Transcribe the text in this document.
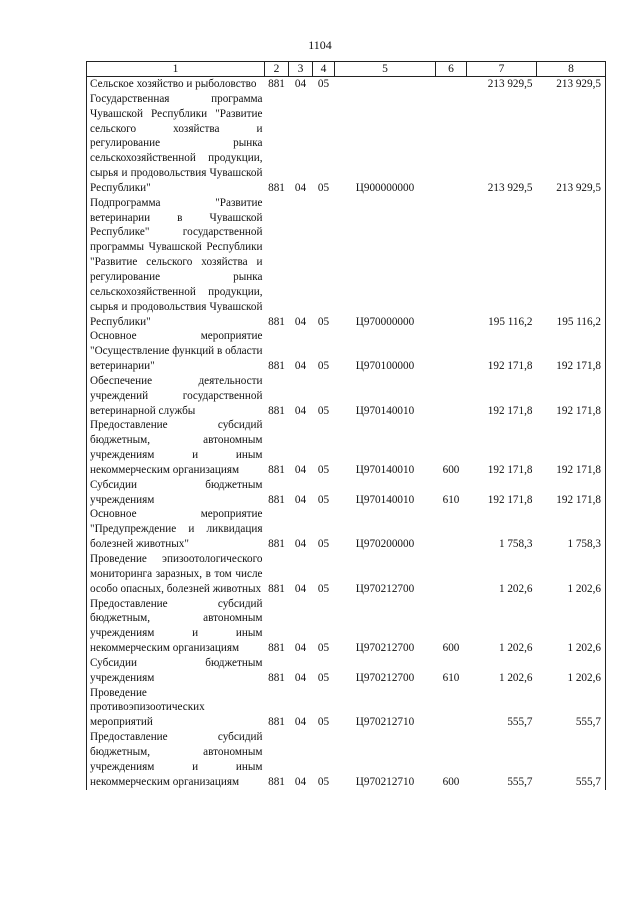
1104
1	2	3	4	5	6	7	8
Сельское хозяйство и рыболовство	881	04	05			213 929,5	213 929,5
Государственная программа Чувашской Республики "Развитие сельского хозяйства и регулирование рынка сельскохозяйственной продукции, сырья и продовольствия Чувашской Республики"	881	04	05	Ц900000000		213 929,5	213 929,5
Подпрограмма "Развитие ветеринарии в Чувашской Республике" государственной программы Чувашской Республики "Развитие сельского хозяйства и регулирование рынка сельскохозяйственной продукции, сырья и продовольствия Чувашской Республики"	881	04	05	Ц970000000		195 116,2	195 116,2
Основное мероприятие "Осуществление функций в области ветеринарии"	881	04	05	Ц970100000		192 171,8	192 171,8
Обеспечение деятельности учреждений государственной ветеринарной службы	881	04	05	Ц970140010		192 171,8	192 171,8
Предоставление субсидий бюджетным, автономным учреждениям и иным некоммерческим организациям	881	04	05	Ц970140010	600	192 171,8	192 171,8
Субсидии бюджетным учреждениям	881	04	05	Ц970140010	610	192 171,8	192 171,8
Основное мероприятие "Предупреждение и ликвидация болезней животных"	881	04	05	Ц970200000		1 758,3	1 758,3
Проведение эпизоотологического мониторинга заразных, в том числе особо опасных, болезней животных	881	04	05	Ц970212700		1 202,6	1 202,6
Предоставление субсидий бюджетным, автономным учреждениям и иным некоммерческим организациям	881	04	05	Ц970212700	600	1 202,6	1 202,6
Субсидии бюджетным учреждениям	881	04	05	Ц970212700	610	1 202,6	1 202,6
Проведение противоэпизоотических мероприятий	881	04	05	Ц970212710		555,7	555,7
Предоставление субсидий бюджетным, автономным учреждениям и иным некоммерческим организациям	881	04	05	Ц970212710	600	555,7	555,7
